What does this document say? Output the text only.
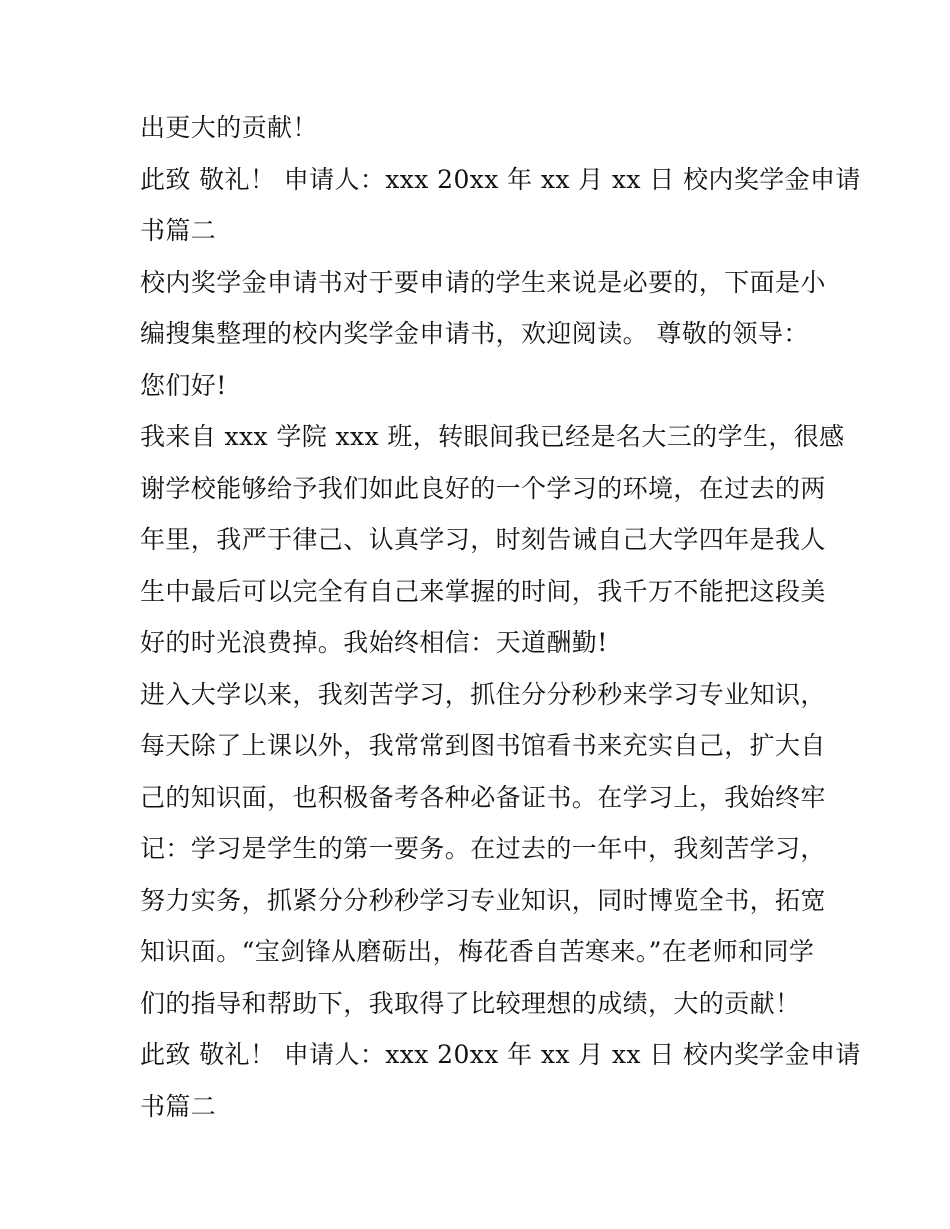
出更大的贡献！
此致 敬礼！ 申请人：xxx 20xx 年 xx 月 xx 日 校内奖学金申请
书篇二
校内奖学金申请书对于要申请的学生来说是必要的，下面是小
编搜集整理的校内奖学金申请书，欢迎阅读。 尊敬的领导：
您们好!
我来自 xxx 学院 xxx 班，转眼间我已经是名大三的学生，很感
谢学校能够给予我们如此良好的一个学习的环境，在过去的两
年里，我严于律己、认真学习，时刻告诫自己大学四年是我人
生中最后可以完全有自己来掌握的时间，我千万不能把这段美
好的时光浪费掉。我始终相信：天道酬勤!
进入大学以来，我刻苦学习，抓住分分秒秒来学习专业知识，
每天除了上课以外，我常常到图书馆看书来充实自己，扩大自
己的知识面，也积极备考各种必备证书。在学习上，我始终牢
记：学习是学生的第一要务。在过去的一年中，我刻苦学习，
努力实务，抓紧分分秒秒学习专业知识，同时博览全书，拓宽
知识面。“宝剑锋从磨砺出，梅花香自苦寒来。”在老师和同学
们的指导和帮助下，我取得了比较理想的成绩，大的贡献！
此致 敬礼！ 申请人：xxx 20xx 年 xx 月 xx 日 校内奖学金申请
书篇二
